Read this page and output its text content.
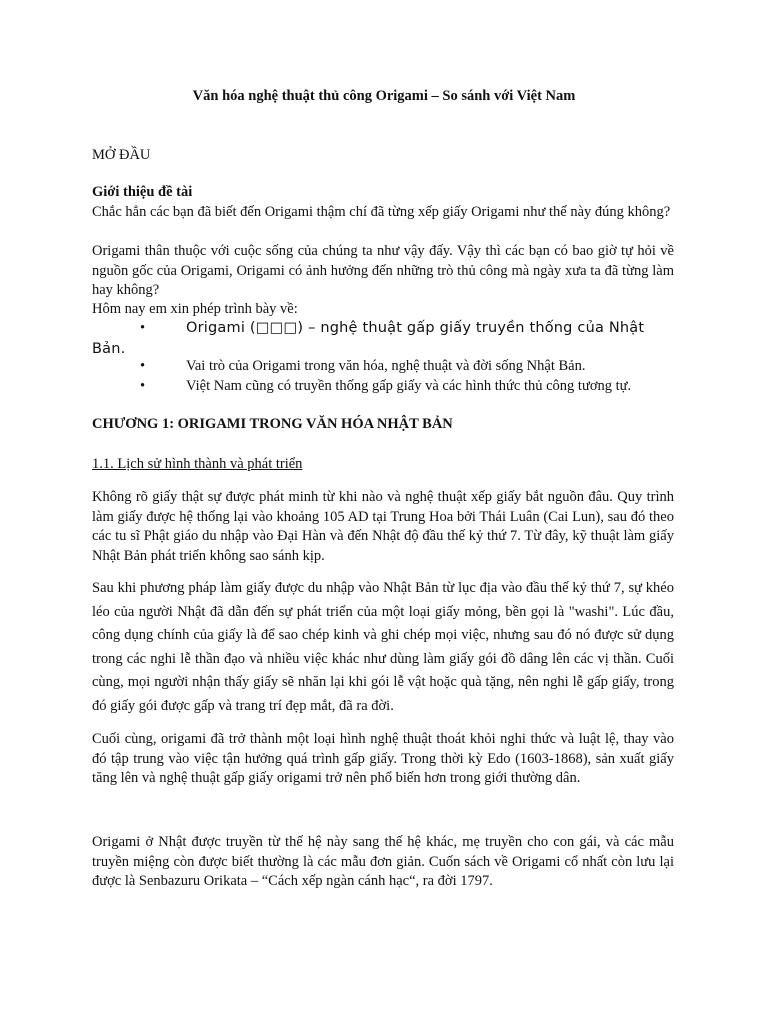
Văn hóa nghệ thuật thủ công Origami – So sánh với Việt Nam
MỞ ĐẦU
Giới thiệu đề tài
Chắc hẳn các bạn đã biết đến Origami thậm chí đã từng xếp giấy Origami như thế này đúng không?
Origami thân thuộc với cuộc sống của chúng ta như vậy đấy. Vậy thì các bạn có bao giờ tự hỏi về nguồn gốc của Origami, Origami có ảnh hưởng đến những trò thủ công mà ngày xưa ta đã từng làm hay không?
Hôm nay em xin phép trình bày về:
•	Origami (□□□) – nghệ thuật gấp giấy truyền thống của Nhật Bản.
•	Vai trò của Origami trong văn hóa, nghệ thuật và đời sống Nhật Bản.
•	Việt Nam cũng có truyền thống gấp giấy và các hình thức thủ công tương tự.
CHƯƠNG 1: ORIGAMI TRONG VĂN HÓA NHẬT BẢN
1.1. Lịch sử hình thành và phát triển
Không rõ giấy thật sự được phát minh từ khi nào và nghệ thuật xếp giấy bắt nguồn đâu. Quy trình làm giấy được hệ thống lại vào khoảng 105 AD tại Trung Hoa bởi Thái Luân (Cai Lun), sau đó theo các tu sĩ Phật giáo du nhập vào Đại Hàn và đến Nhật độ đầu thế kỷ thứ 7. Từ đây, kỹ thuật làm giấy Nhật Bản phát triển không sao sánh kịp.
Sau khi phương pháp làm giấy được du nhập vào Nhật Bản từ lục địa vào đầu thế kỷ thứ 7, sự khéo léo của người Nhật đã dẫn đến sự phát triển của một loại giấy mỏng, bền gọi là "washi". Lúc đầu, công dụng chính của giấy là để sao chép kinh và ghi chép mọi việc, nhưng sau đó nó được sử dụng trong các nghi lễ thần đạo và nhiều việc khác như dùng làm giấy gói đồ dâng lên các vị thần. Cuối cùng, mọi người nhận thấy giấy sẽ nhăn lại khi gói lễ vật hoặc quà tặng, nên nghi lễ gấp giấy, trong đó giấy gói được gấp và trang trí đẹp mắt, đã ra đời.
Cuối cùng, origami đã trở thành một loại hình nghệ thuật thoát khỏi nghi thức và luật lệ, thay vào đó tập trung vào việc tận hưởng quá trình gấp giấy. Trong thời kỳ Edo (1603-1868), sản xuất giấy tăng lên và nghệ thuật gấp giấy origami trở nên phổ biến hơn trong giới thường dân.
Origami ở Nhật được truyền từ thế hệ này sang thế hệ khác, mẹ truyền cho con gái, và các mẫu truyền miệng còn được biết thường là các mẫu đơn giản. Cuốn sách về Origami cổ nhất còn lưu lại được là Senbazuru Orikata – “Cách xếp ngàn cánh hạc“, ra đời 1797.
